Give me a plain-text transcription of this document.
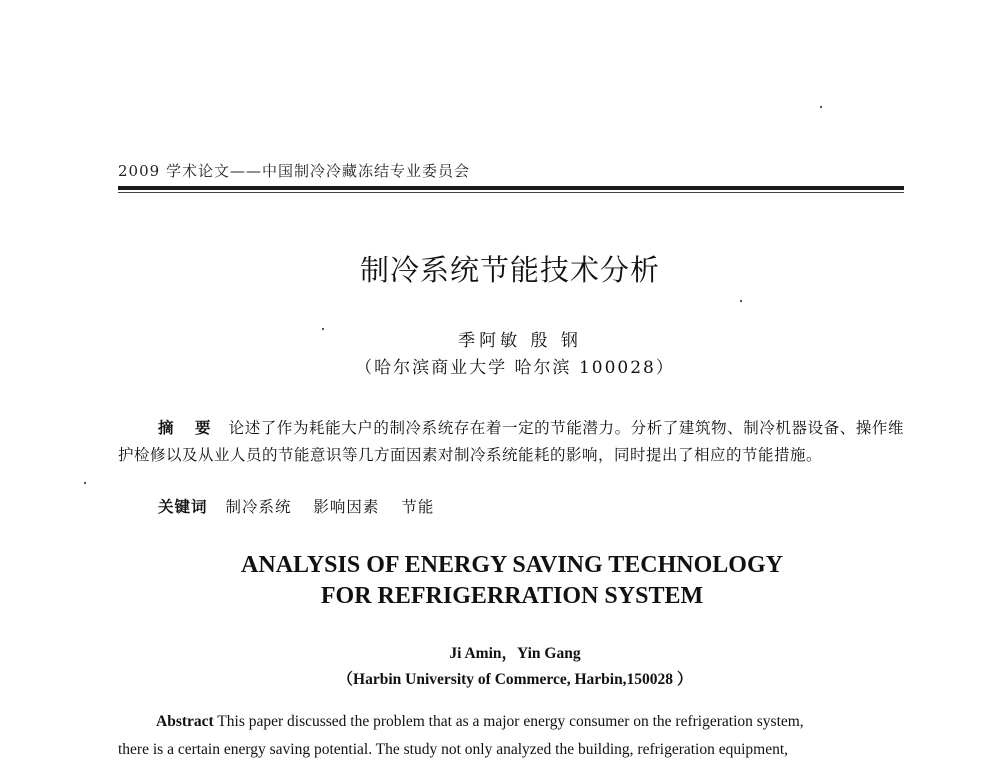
2009 学术论文——中国制冷冷藏冻结专业委员会
制冷系统节能技术分析
季阿敏 殷 钢
（哈尔滨商业大学 哈尔滨 100028）
摘 要 论述了作为耗能大户的制冷系统存在着一定的节能潜力。分析了建筑物、制冷机器设备、操作维护检修以及从业人员的节能意识等几方面因素对制冷系统能耗的影响，同时提出了相应的节能措施。
关键词 制冷系统 影响因素 节能
ANALYSIS OF ENERGY SAVING TECHNOLOGY
FOR REFRIGERRATION SYSTEM
Ji Amin，Yin Gang
（Harbin University of Commerce, Harbin,150028 ）
Abstract This paper discussed the problem that as a major energy consumer on the refrigeration system,
there is a certain energy saving potential. The study not only analyzed the building, refrigeration equipment,
